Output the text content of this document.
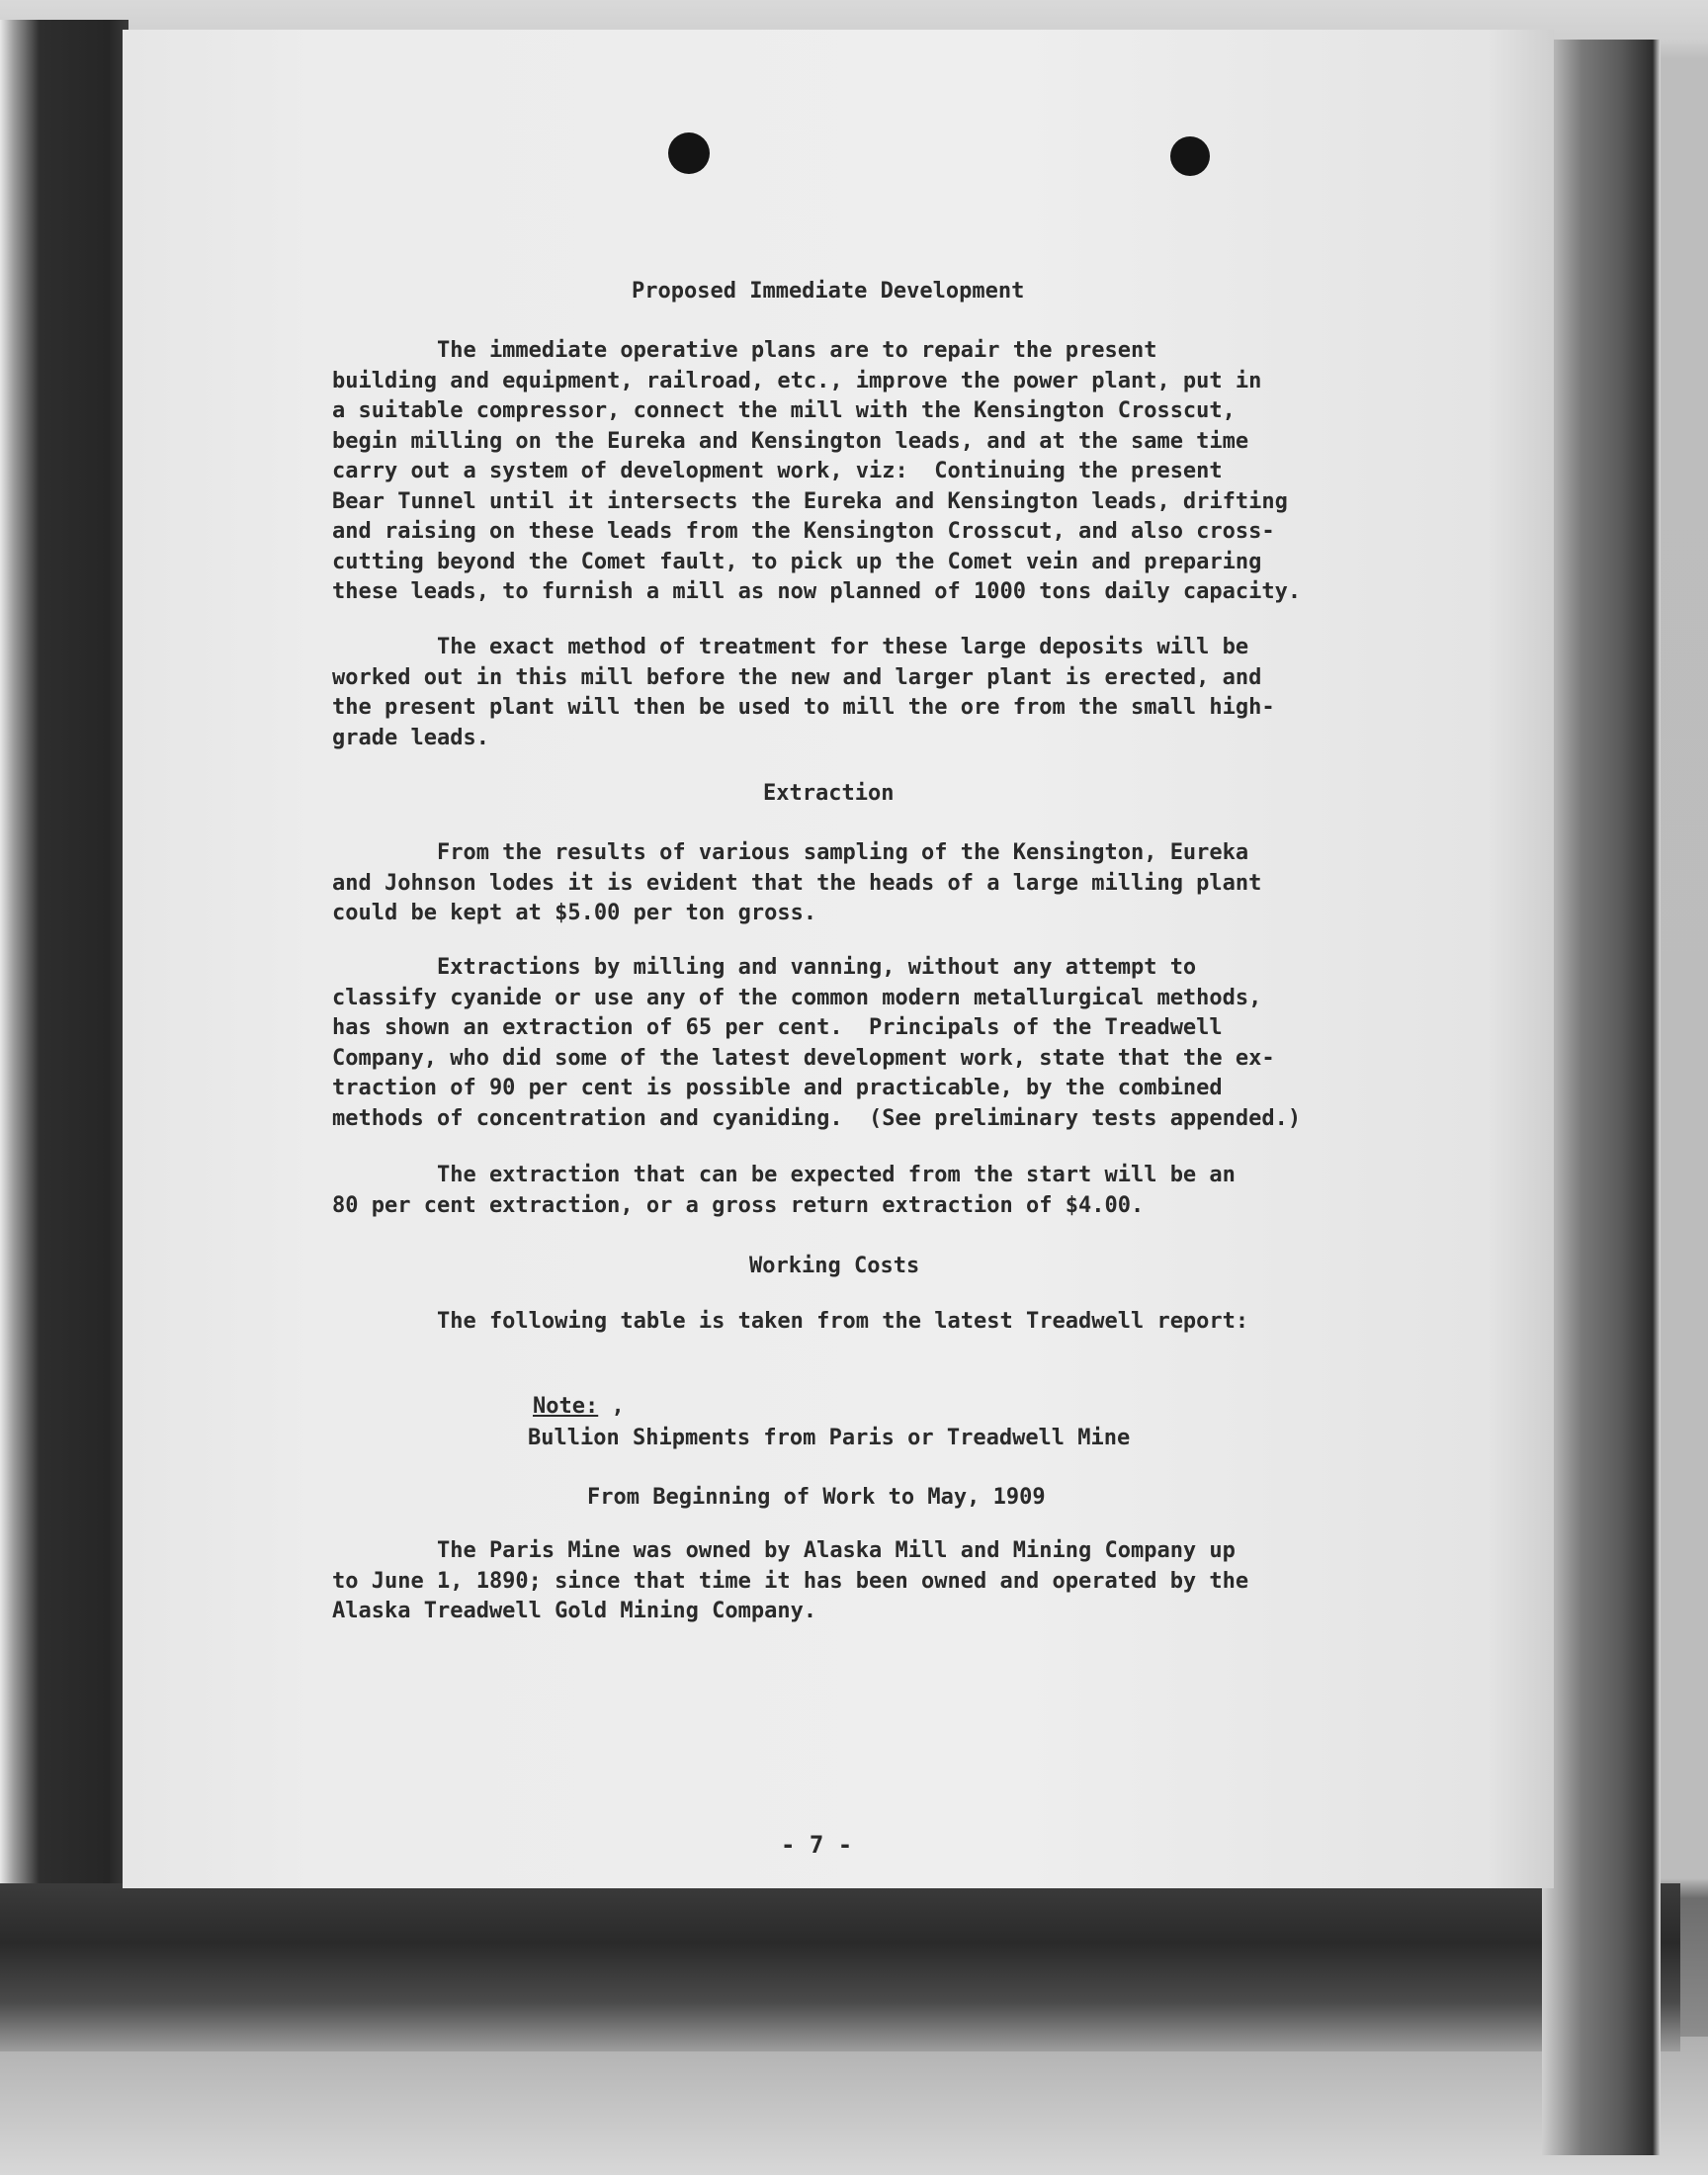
Proposed Immediate Development
The immediate operative plans are to repair the present
building and equipment, railroad, etc., improve the power plant, put in
a suitable compressor, connect the mill with the Kensington Crosscut,
begin milling on the Eureka and Kensington leads, and at the same time
carry out a system of development work, viz:  Continuing the present
Bear Tunnel until it intersects the Eureka and Kensington leads, drifting
and raising on these leads from the Kensington Crosscut, and also cross-
cutting beyond the Comet fault, to pick up the Comet vein and preparing
these leads, to furnish a mill as now planned of 1000 tons daily capacity.
The exact method of treatment for these large deposits will be
worked out in this mill before the new and larger plant is erected, and
the present plant will then be used to mill the ore from the small high-
grade leads.
Extraction
From the results of various sampling of the Kensington, Eureka
and Johnson lodes it is evident that the heads of a large milling plant
could be kept at $5.00 per ton gross.
Extractions by milling and vanning, without any attempt to
classify cyanide or use any of the common modern metallurgical methods,
has shown an extraction of 65 per cent.  Principals of the Treadwell
Company, who did some of the latest development work, state that the ex-
traction of 90 per cent is possible and practicable, by the combined
methods of concentration and cyaniding.  (See preliminary tests appended.)
The extraction that can be expected from the start will be an
80 per cent extraction, or a gross return extraction of $4.00.
Working Costs
The following table is taken from the latest Treadwell report:

Note: ,

Bullion Shipments from Paris or Treadwell Mine
From Beginning of Work to May, 1909
The Paris Mine was owned by Alaska Mill and Mining Company up
to June 1, 1890; since that time it has been owned and operated by the
Alaska Treadwell Gold Mining Company.
- 7 -
